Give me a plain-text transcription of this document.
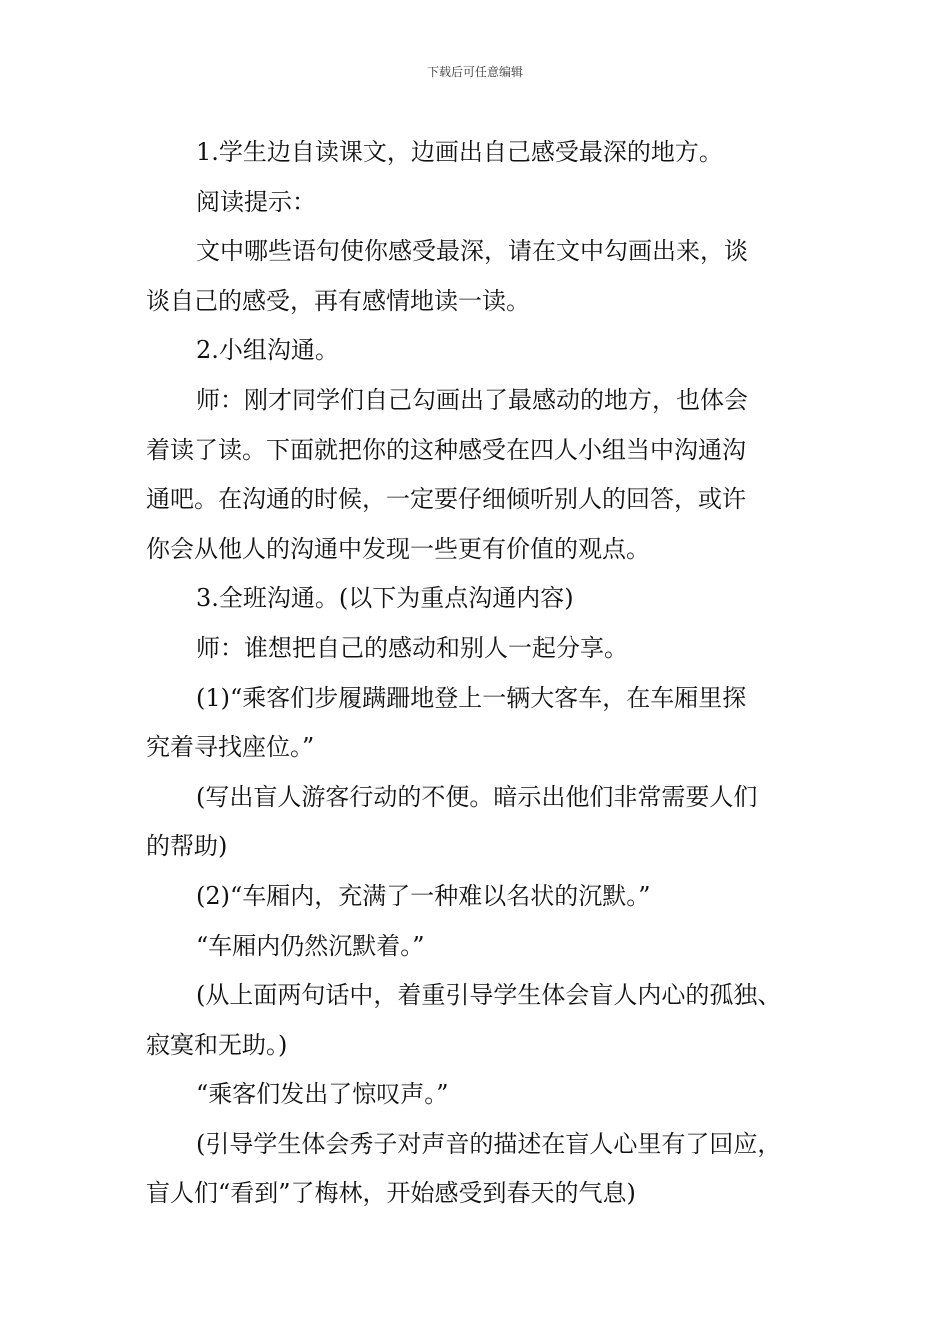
下载后可任意编辑

1.学生边自读课文，边画出自己感受最深的地方。

阅读提示：

文中哪些语句使你感受最深，请在文中勾画出来，谈

谈自己的感受，再有感情地读一读。

2.小组沟通。

师：刚才同学们自己勾画出了最感动的地方，也体会

着读了读。下面就把你的这种感受在四人小组当中沟通沟

通吧。在沟通的时候，一定要仔细倾听别人的回答，或许

你会从他人的沟通中发现一些更有价值的观点。

3.全班沟通。(以下为重点沟通内容)

师：谁想把自己的感动和别人一起分享。

(1)“乘客们步履蹒跚地登上一辆大客车，在车厢里探

究着寻找座位。”

(写出盲人游客行动的不便。暗示出他们非常需要人们

的帮助)

(2)“车厢内，充满了一种难以名状的沉默。”

“车厢内仍然沉默着。”

(从上面两句话中，着重引导学生体会盲人内心的孤独、

寂寞和无助。)

“乘客们发出了惊叹声。”

(引导学生体会秀子对声音的描述在盲人心里有了回应，

盲人们“看到”了梅林，开始感受到春天的气息)
